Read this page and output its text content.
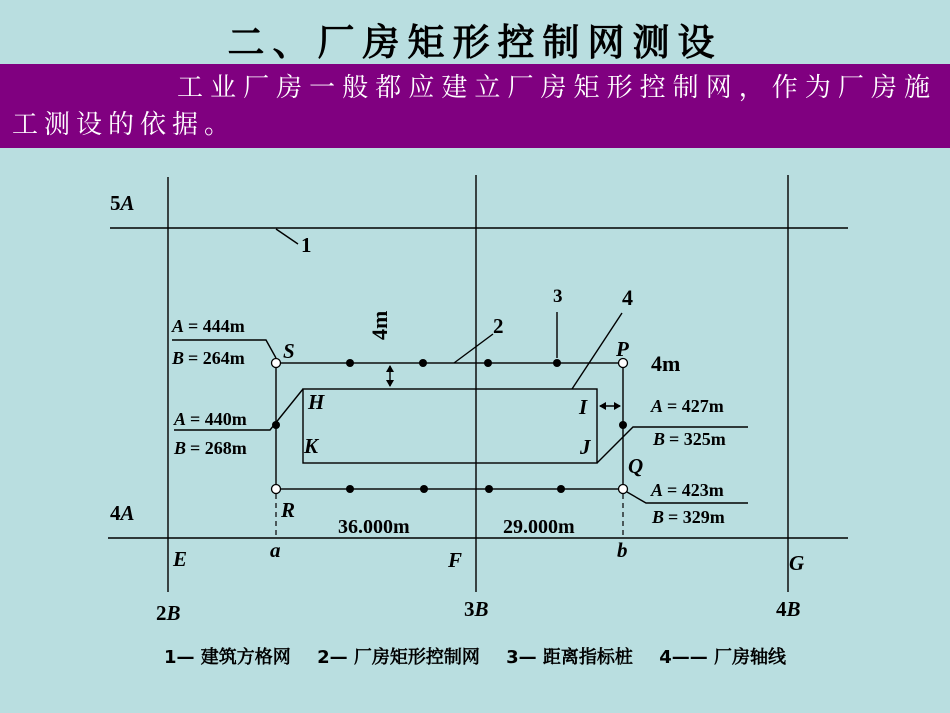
二、厂房矩形控制网测设
工业厂房一般都应建立厂房矩形控制网，作为厂房施工测设的依据。
5A
4A
2B	3B	4B
1
2
3	4
4m
4m
S	P
Q
R
H
K
I
J
a	b
E	F	G
A = 444m
B = 264m
A = 440m
B = 268m
A = 427m
B = 325m
A = 423m
B = 329m
36.000m	29.000m
1— 建筑方格网 2— 厂房矩形控制网 3— 距离指标桩 4—— 厂房轴线
